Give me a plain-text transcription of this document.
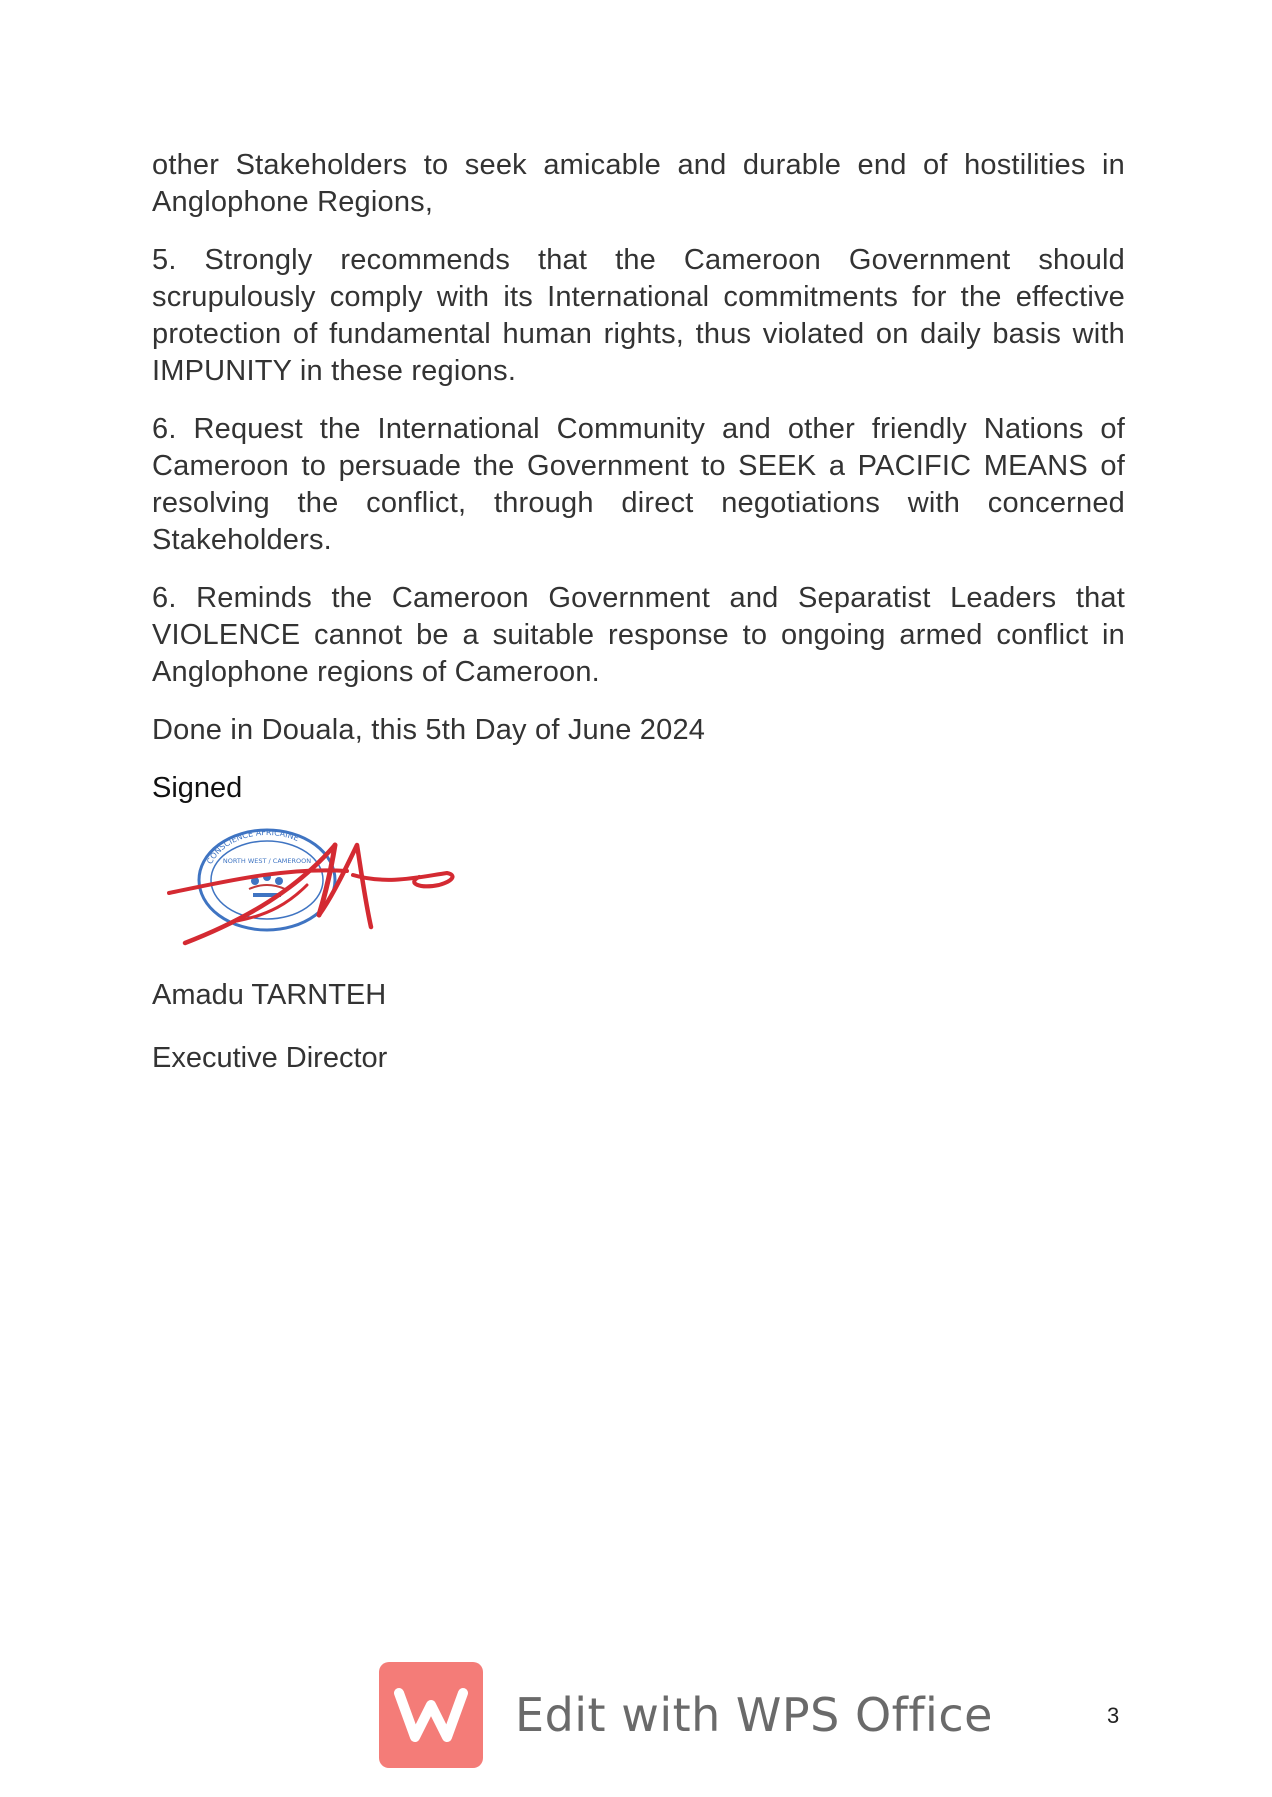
other Stakeholders to seek amicable and durable end of hostilities in Anglophone Regions,

5. Strongly recommends that the Cameroon Government should scrupulously comply with its International commitments for the effective protection of fundamental human rights, thus violated on daily basis with IMPUNITY in these regions.

6. Request the International Community and other friendly Nations of Cameroon to persuade the Government to SEEK a PACIFIC MEANS of resolving the conflict, through direct negotiations with concerned Stakeholders.

6. Reminds the Cameroon Government and Separatist Leaders that VIOLENCE cannot be a suitable response to ongoing armed conflict in Anglophone regions of Cameroon.

Done in Douala, this 5th Day of June 2024

Signed
CONSCIENCE AFRICAINE
NORTH WEST / CAMEROON
Amadu TARNTEH
Executive Director
Edit with WPS Office	3
